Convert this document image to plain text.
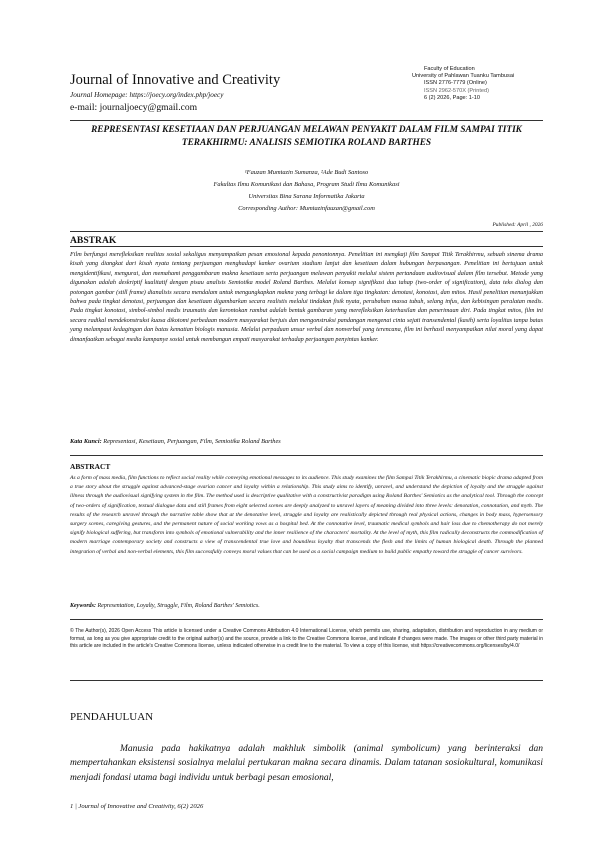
Journal of Innovative and Creativity
Journal Homepage: https://joecy.org/index.php/joecy
e-mail: journaljoecy@gmail.com
Faculty of Education
University of Pahlawan Tuanku Tambusai
ISSN 2776-7779 (Online)
ISSN 2962-570X (Printed)
6 (2) 2026, Page: 1-10
REPRESENTASI KESETIAAN DAN PERJUANGAN MELAWAN PENYAKIT DALAM FILM SAMPAI TITIK TERAKHIRMU: ANALISIS SEMIOTIKA ROLAND BARTHES
¹Fauzan Mumtazin Sumanza, ²Ade Budi Santoso
Fakultas Ilmu Komunikasi dan Bahasa, Program Studi Ilmu Komunikasi
Universitas Bina Sarana Informatika Jakarta
Corresponding Author: Mumtazinfauzan@gmail.com
Published: April , 2026
ABSTRAK
Film berfungsi merefleksikan realitas sosial sekaligus menyampaikan pesan emosional kepada penontonnya. Penelitian ini mengkaji film Sampai Titik Terakhirmu, sebuah sinema drama kisah yang diangkat dari kisah nyata tentang perjuangan menghadapi kanker ovarium stadium lanjut dan kesetiaan dalam hubungan berpasangan. Penelitian ini bertujuan untuk mengidentifikasi, mengurai, dan memahami penggambaran makna kesetiaan serta perjuangan melawan penyakit melalui sistem pertandaan audiovisual dalam film tersebut. Metode yang digunakan adalah deskriptif kualitatif dengan pisau analisis Semiotika model Roland Barthes. Melalui konsep signifikasi dua tahap (two-order of signification), data teks dialog dan potongan gambar (still frame) dianalisis secara mendalam untuk mengungkapkan makna yang terbagi ke dalam tiga tingkatan: denotasi, konotasi, dan mitos. Hasil penelitian menunjukkan bahwa pada tingkat denotasi, perjuangan dan kesetiaan digambarkan secara realistis melalui tindakan fisik nyata, perubahan massa tubuh, selang infus, dan kebisingan peralatan medis. Pada tingkat konotasi, simbol-simbol medis traumatis dan kerontokan rambut adalah bentuk gambaran yang merefleksikan keterhasilan dan penerimaan diri. Pada tingkat mitos, film ini secara radikal mendekonstruksi kuasa dikotomi perbedaan modern masyarakat berjuis dan mengonstruksi pandangan mengenai cinta sejati transendental (kasih) serta loyalitas tanpa batas yang melampaui kedagingan dan batas kematian biologis manusia. Melalui perpaduan unsur verbal dan nonverbal yang terencana, film ini berhasil menyampaikan nilai moral yang dapat dimanfaatkan sebagai media kampanye sosial untuk membangun empati masyarakat terhadap perjuangan penyintas kanker.
Kata Kunci: Representasi, Kesetiaan, Perjuangan, Film, Semiotika Roland Barthes
ABSTRACT
As a form of mass media, film functions to reflect social reality while conveying emotional messages to its audience. This study examines the film Sampai Titik Terakhirmu, a cinematic biopic drama adapted from a true story about the struggle against advanced-stage ovarian cancer and loyalty within a relationship. This study aims to identify, unravel, and understand the depiction of loyalty and the struggle against illness through the audiovisual signifying system in the film. The method used is descriptive qualitative with a constructivist paradigm using Roland Barthes' Semiotics as the analytical tool. Through the concept of two-orders of signification, textual dialogue data and still frames from eight selected scenes are deeply analyzed to unravel layers of meaning divided into three levels: denotation, connotation, and myth. The results of the research unravel through the narrative table show that at the denotative level, struggle and loyalty are realistically depicted through real physical actions, changes in body mass, hypersensory surgery scenes, caregiving gestures, and the permanent nature of social working vows as a hospital bed. At the connotative level, traumatic medical symbols and hair loss due to chemotherapy do not merely signify biological suffering, but transform into symbols of emotional vulnerability and the inner resilience of the characters' mortality. At the level of myth, this film radically deconstructs the commodification of modern marriage contemporary society and constructs a view of transcendental true love and boundless loyalty that transcends the flesh and the limits of human biological death. Through the planned integration of verbal and non-verbal elements, this film successfully conveys moral values that can be used as a social campaign medium to build public empathy toward the struggle of cancer survivors.
Keywords: Representation, Loyalty, Struggle, Film, Roland Barthes' Semiotics.
© The Author(s), 2026 Open Access This article is licensed under a Creative Commons Attribution 4.0 International License, which permits use, sharing, adaptation, distribution and reproduction in any medium or format, as long as you give appropriate credit to the original author(s) and the source, provide a link to the Creative Commons license, and indicate if changes were made. The images or other third party material in this article are included in the article's Creative Commons license, unless indicated otherwise in a credit line to the material. To view a copy of this license, visit https://creativecommons.org/licenses/by/4.0/
PENDAHULUAN
Manusia pada hakikatnya adalah makhluk simbolik (animal symbolicum) yang berinteraksi dan mempertahankan eksistensi sosialnya melalui pertukaran makna secara dinamis. Dalam tatanan sosiokultural, komunikasi menjadi fondasi utama bagi individu untuk berbagi pesan emosional,
1 | Journal of Innovative and Creativity, 6(2) 2026
